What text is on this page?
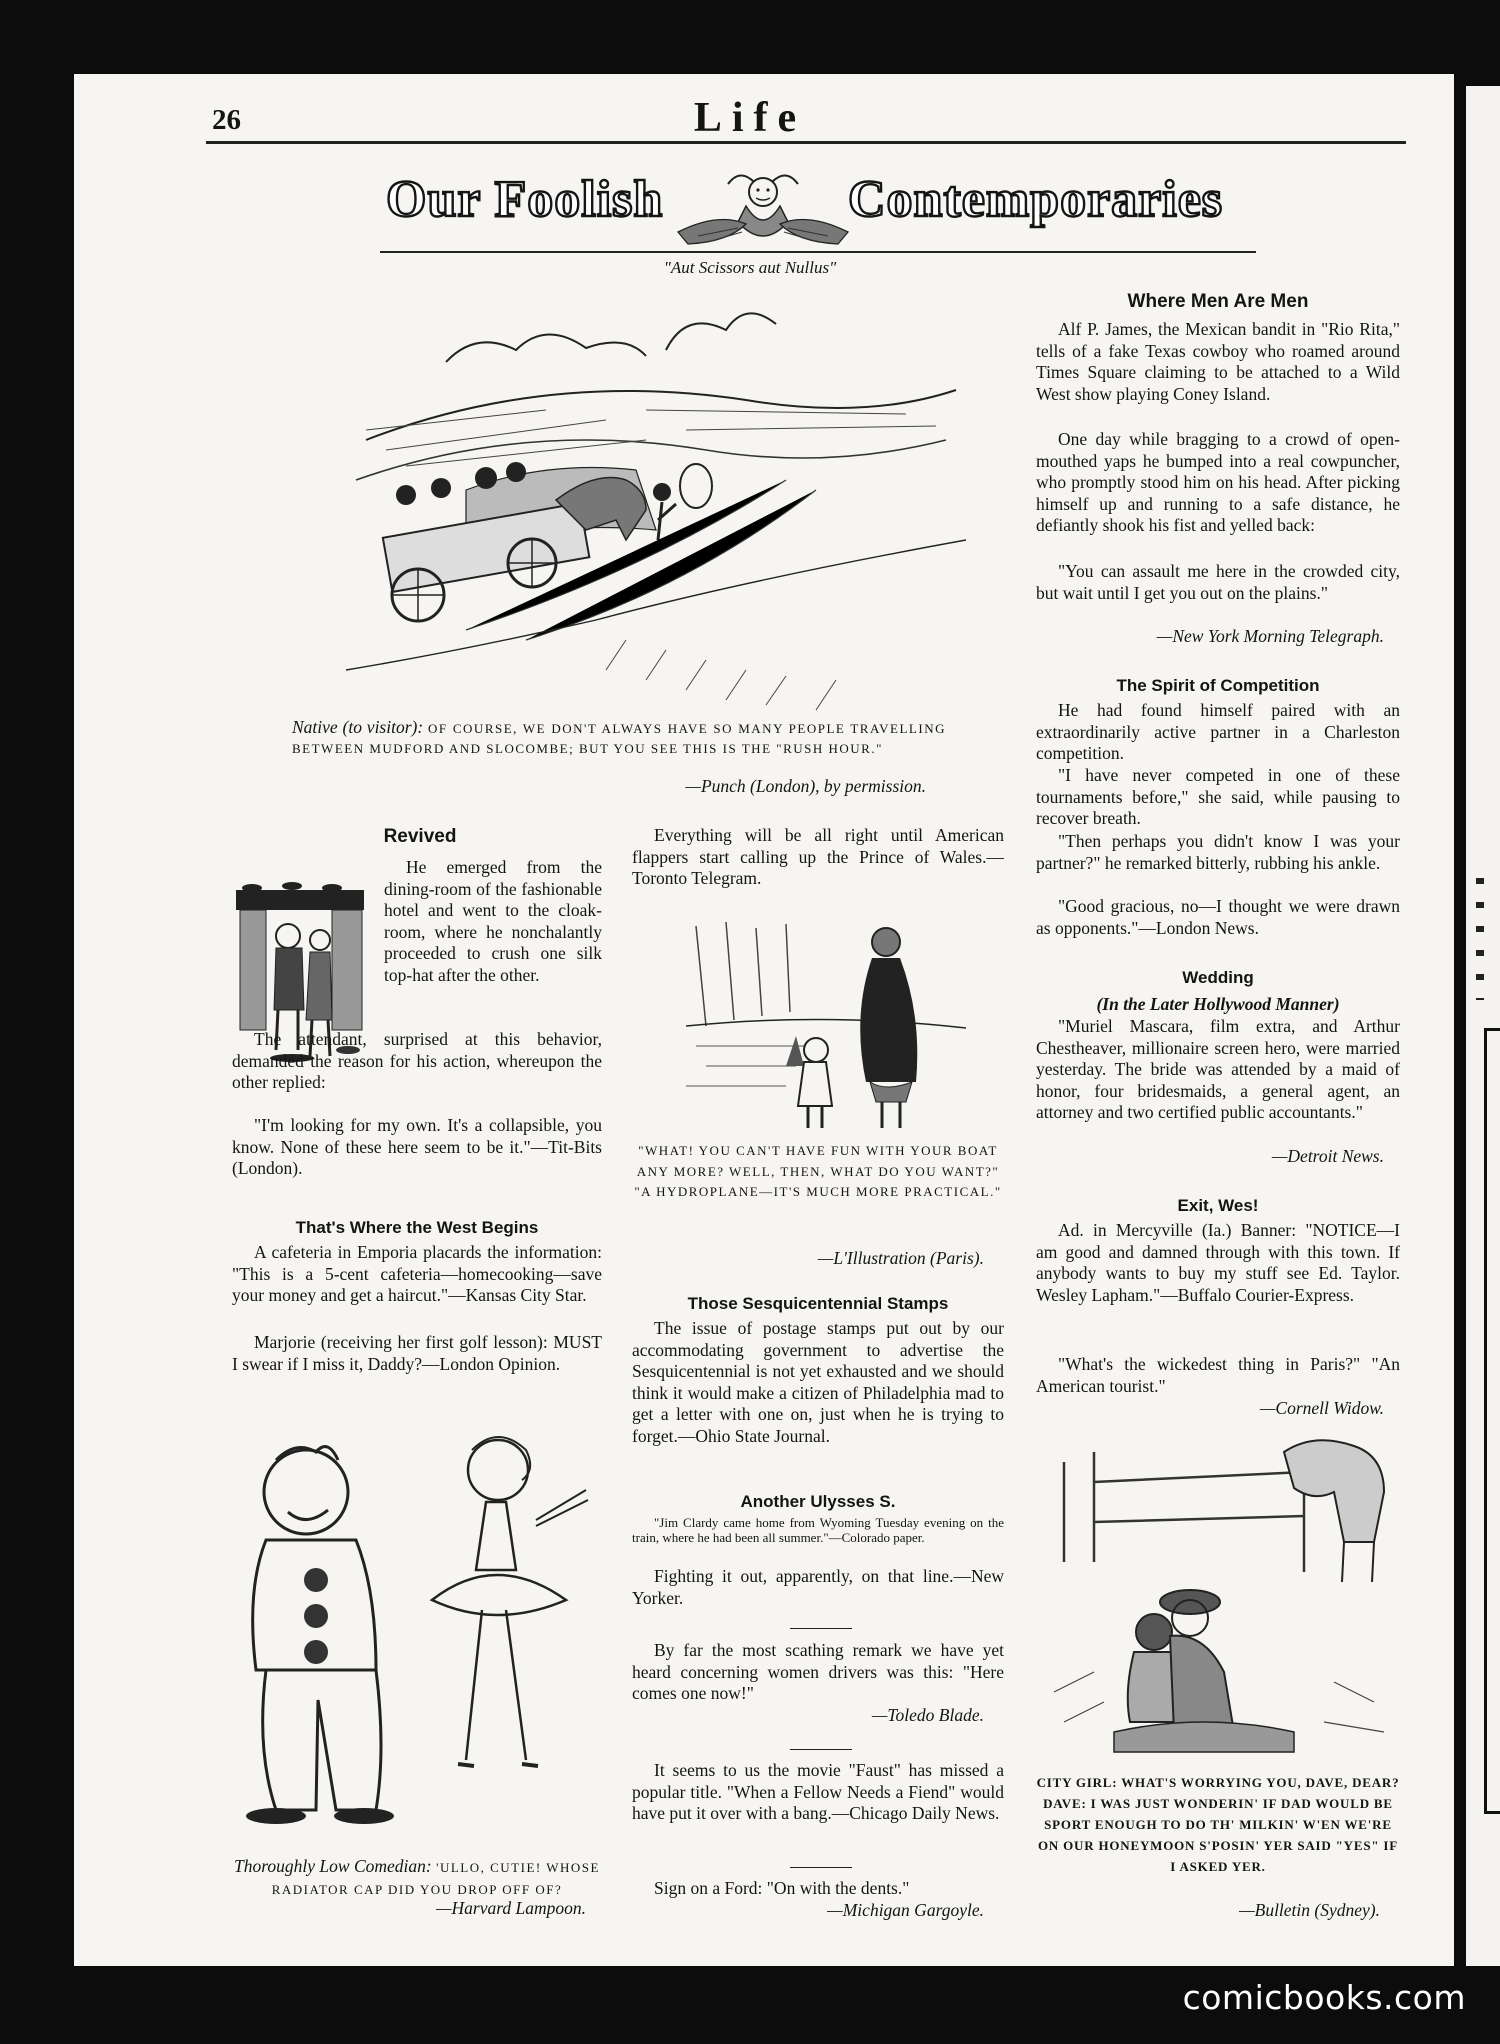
26	Life
Our Foolish	Contemporaries
"Aut Scissors aut Nullus"
Native (to visitor): OF COURSE, WE DON'T ALWAYS HAVE SO MANY PEOPLE TRAVELLING BETWEEN MUDFORD AND SLOCOMBE; BUT YOU SEE THIS IS THE "RUSH HOUR."
—Punch (London), by permission.
Revived
He emerged from the dining-room of the fashionable hotel and went to the cloak-room, where he nonchalantly proceeded to crush one silk top-hat after the other.
The attendant, surprised at this behavior, demanded the reason for his action, whereupon the other replied:
"I'm looking for my own. It's a collapsible, you know. None of these here seem to be it."—Tit-Bits (London).
That's Where the West Begins
A cafeteria in Emporia placards the information: "This is a 5-cent cafeteria—homecooking—save your money and get a haircut."—Kansas City Star.
Marjorie (receiving her first golf lesson): MUST I swear if I miss it, Daddy?—London Opinion.
Thoroughly Low Comedian: 'ULLO, CUTIE! WHOSE RADIATOR CAP DID YOU DROP OFF OF?
—Harvard Lampoon.
Everything will be all right until American flappers start calling up the Prince of Wales.—Toronto Telegram.
"WHAT! YOU CAN'T HAVE FUN WITH YOUR BOAT ANY MORE? WELL, THEN, WHAT DO YOU WANT?" "A HYDROPLANE—IT'S MUCH MORE PRACTICAL."
—L'Illustration (Paris).
Those Sesquicentennial Stamps
The issue of postage stamps put out by our accommodating government to advertise the Sesquicentennial is not yet exhausted and we should think it would make a citizen of Philadelphia mad to get a letter with one on, just when he is trying to forget.—Ohio State Journal.
Another Ulysses S.
"Jim Clardy came home from Wyoming Tuesday evening on the train, where he had been all summer."—Colorado paper.
Fighting it out, apparently, on that line.—New Yorker.
By far the most scathing remark we have yet heard concerning women drivers was this: "Here comes one now!"
—Toledo Blade.
It seems to us the movie "Faust" has missed a popular title. "When a Fellow Needs a Fiend" would have put it over with a bang.—Chicago Daily News.
Sign on a Ford: "On with the dents."
—Michigan Gargoyle.
Where Men Are Men
Alf P. James, the Mexican bandit in "Rio Rita," tells of a fake Texas cowboy who roamed around Times Square claiming to be attached to a Wild West show playing Coney Island.
One day while bragging to a crowd of open-mouthed yaps he bumped into a real cowpuncher, who promptly stood him on his head. After picking himself up and running to a safe distance, he defiantly shook his fist and yelled back:
"You can assault me here in the crowded city, but wait until I get you out on the plains."
—New York Morning Telegraph.
The Spirit of Competition
He had found himself paired with an extraordinarily active partner in a Charleston competition.
"I have never competed in one of these tournaments before," she said, while pausing to recover breath.
"Then perhaps you didn't know I was your partner?" he remarked bitterly, rubbing his ankle.
"Good gracious, no—I thought we were drawn as opponents."—London News.
Wedding
(In the Later Hollywood Manner)
"Muriel Mascara, film extra, and Arthur Chestheaver, millionaire screen hero, were married yesterday. The bride was attended by a maid of honor, four bridesmaids, a general agent, an attorney and two certified public accountants."
—Detroit News.
Exit, Wes!
Ad. in Mercyville (Ia.) Banner: "NOTICE—I am good and damned through with this town. If anybody wants to buy my stuff see Ed. Taylor. Wesley Lapham."—Buffalo Courier-Express.
"What's the wickedest thing in Paris?" "An American tourist."
—Cornell Widow.

CITY GIRL: WHAT'S WORRYING YOU, DAVE, DEAR?

DAVE: I WAS JUST WONDERIN' IF DAD WOULD BE SPORT ENOUGH TO DO TH' MILKIN' W'EN WE'RE ON OUR HONEYMOON S'POSIN' YER SAID "YES" IF I ASKED YER.

—Bulletin (Sydney).
comicbooks.com
